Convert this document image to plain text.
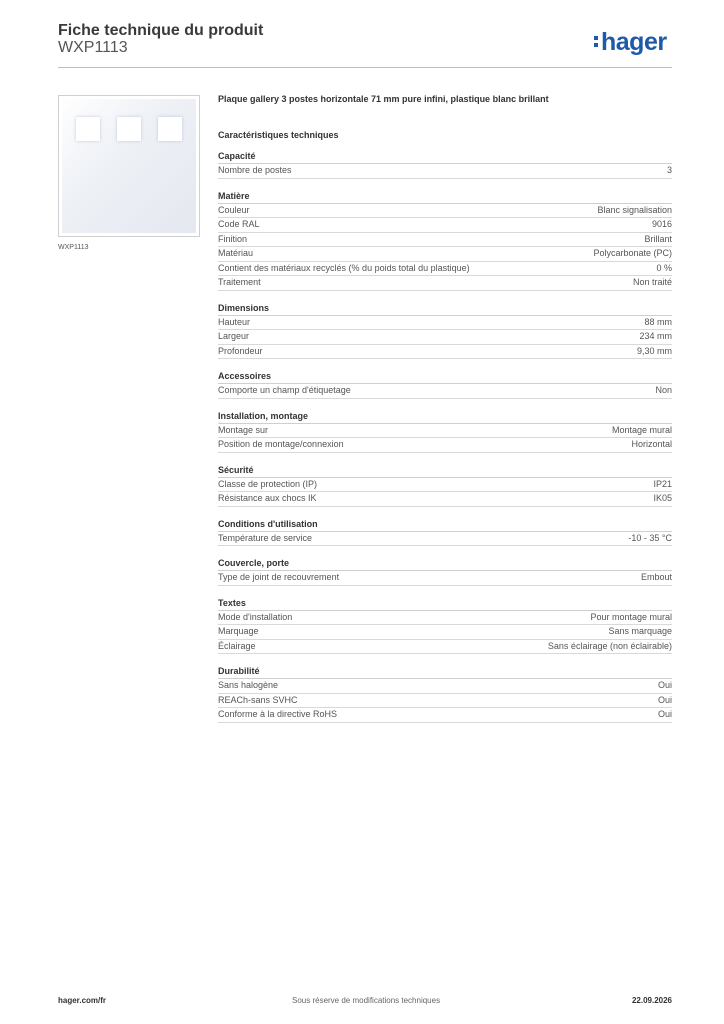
Fiche technique du produit
WXP1113	hager
WXP1113
Plaque gallery 3 postes horizontale 71 mm pure infini, plastique blanc brillant
Caractéristiques techniques
Capacité
Nombre de postes	3
Matière
Couleur	Blanc signalisation
Code RAL	9016
Finition	Brillant
Matériau	Polycarbonate (PC)
Contient des matériaux recyclés (% du poids total du plastique)	0 %
Traitement	Non traité
Dimensions
Hauteur	88 mm
Largeur	234 mm
Profondeur	9,30 mm
Accessoires
Comporte un champ d'étiquetage	Non
Installation, montage
Montage sur	Montage mural
Position de montage/connexion	Horizontal
Sécurité
Classe de protection (IP)	IP21
Résistance aux chocs IK	IK05
Conditions d'utilisation
Température de service	-10 - 35 °C
Couvercle, porte
Type de joint de recouvrement	Embout
Textes
Mode d'installation	Pour montage mural
Marquage	Sans marquage
Éclairage	Sans éclairage (non éclairable)
Durabilité
Sans halogène	Oui
REACh-sans SVHC	Oui
Conforme à la directive RoHS	Oui
hager.com/fr	Sous réserve de modifications techniques	22.09.2026
